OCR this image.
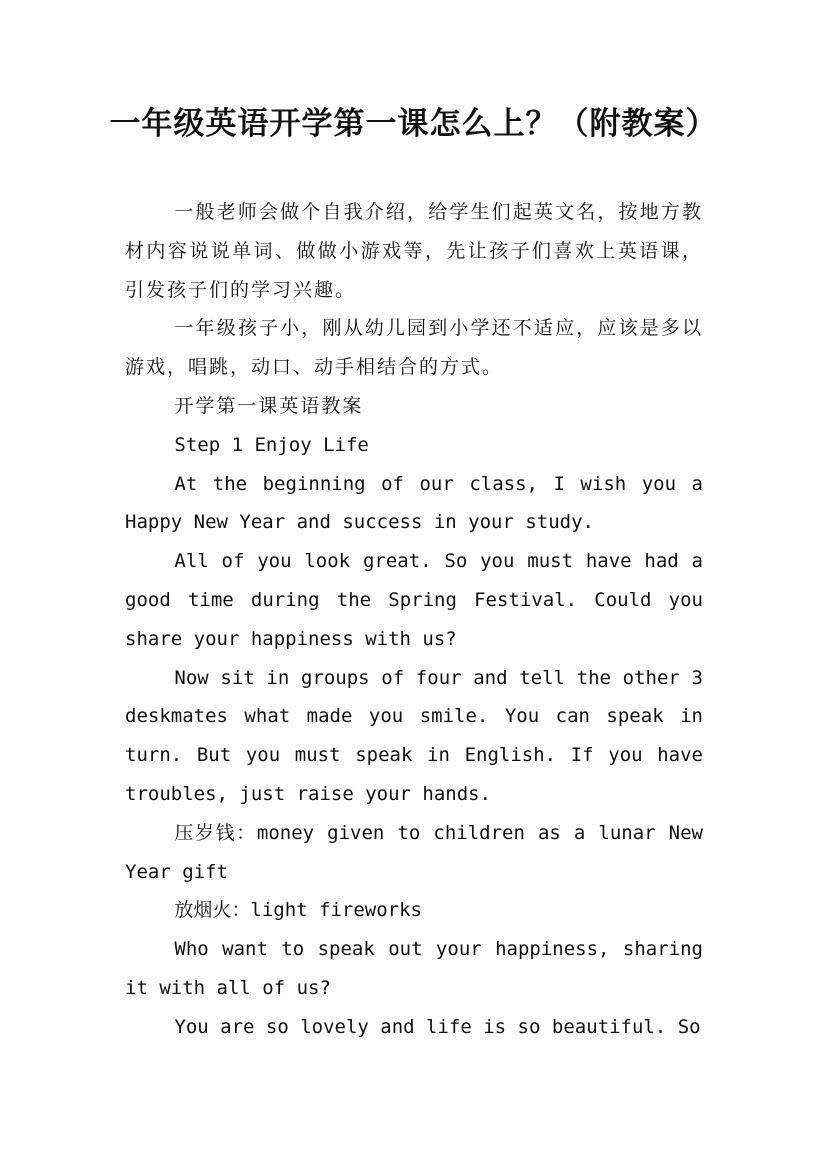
一年级英语开学第一课怎么上？（附教案）

一般老师会做个自我介绍，给学生们起英文名，按地方教材内容说说单词、做做小游戏等，先让孩子们喜欢上英语课，引发孩子们的学习兴趣。

一年级孩子小，刚从幼儿园到小学还不适应，应该是多以游戏，唱跳，动口、动手相结合的方式。

开学第一课英语教案

Step 1 Enjoy Life

At the beginning of our class, I wish you a Happy New Year and success in your study.

All of you look great. So you must have had a good time during the Spring Festival. Could you share your happiness with us?

Now sit in groups of four and tell the other 3 deskmates what made you smile. You can speak in turn. But you must speak in English. If you have troubles, just raise your hands.

压岁钱：money given to children as a lunar New Year gift

放烟火：light fireworks

Who want to speak out your happiness, sharing it with all of us?

You are so lovely and life is so beautiful. So
